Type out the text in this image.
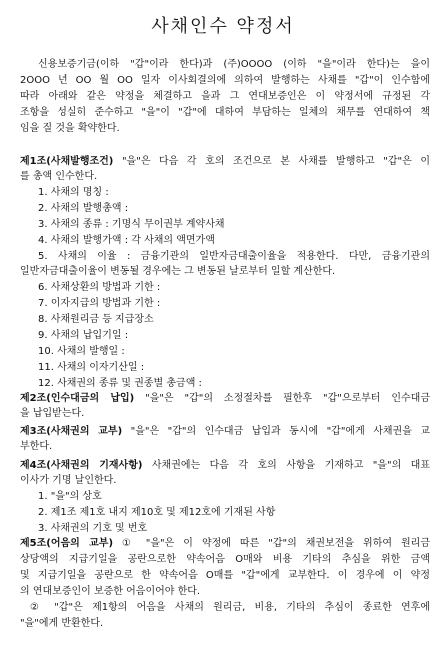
사채인수 약정서
신용보증기금(이하 "갑"이라 한다)과 (주)OOOO (이하 "을"이라 한다)는 을이
2OOO 년 OO 월 OO 일자 이사회결의에 의하여 발행하는 사채를 "갑"이 인수함에
따라 아래와 같은 약정을 체결하고 을과 그 연대보증인은 이 약정서에 규정된 각
조항을 성실히 준수하고 "을"이 "갑"에 대하여 부담하는 일체의 채무를 연대하여 책
임을 질 것을 확약한다.
제1조(사채발행조건) "을"은 다음 각 호의 조건으로 본 사채를 발행하고 "갑"은 이
를 총액 인수한다.
1. 사채의 명칭 :
2. 사채의 발행총액 :
3. 사채의 종류 : 기명식 무이권부 계약사채
4. 사채의 발행가액 : 각 사채의 액면가액
5. 사채의 이율 : 금융기관의 일반자금대출이율을 적용한다. 다만, 금융기관의
일반자금대출이율이 변동될 경우에는 그 변동된 날로부터 일할 계산한다.
6. 사채상환의 방법과 기한 :
7. 이자지급의 방법과 기한 :
8. 사채원리금 등 지급장소
9. 사채의 납입기일 :
10. 사채의 발행일 :
11. 사채의 이자기산일 :
12. 사채권의 종류 및 권종별 총금액 :
제2조(인수대금의 납입) "을"은 "갑"의 소정절차를 필한후 "갑"으로부터 인수대금
을 납입받는다.
제3조(사채권의 교부) "을"은 "갑"의 인수대금 납입과 동시에 "갑"에게 사채권을 교
부한다.
제4조(사채권의 기재사항) 사채권에는 다음 각 호의 사항을 기재하고 "을"의 대표
이사가 기명 날인한다.
1. "을"의 상호
2. 제1조 제1호 내지 제10호 및 제12호에 기재된 사항
3. 사채권의 기호 및 번호
제5조(어음의 교부) ① "을"은 이 약정에 따른 "갑"의 채권보전을 위하여 원리금
상당액의 지급기일을 공란으로한 약속어음 O매와 비용 기타의 추심을 위한 금액
및 지급기일을 공란으로 한 약속어음 O매를 "갑"에게 교부한다. 이 경우에 이 약정
의 연대보증인이 보증한 어음이어야 한다.
② "갑"은 제1항의 어음을 사채의 원리금, 비용, 기타의 추심이 종료한 연후에
"을"에게 반환한다.
